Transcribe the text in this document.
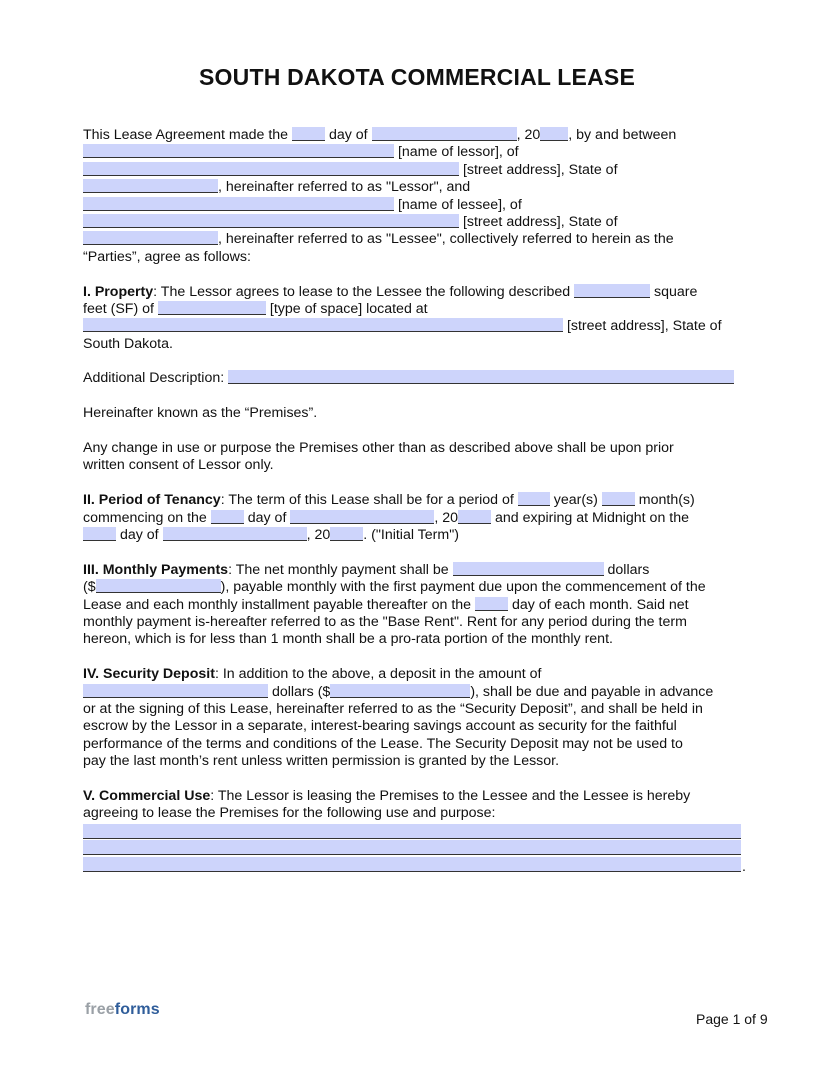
SOUTH DAKOTA COMMERCIAL LEASE
This Lease Agreement made the	day of	, 20 , by and between
[name of lessor], of
[street address], State of
, hereinafter referred to as "Lessor", and
[name of lessee], of
[street address], State of
, hereinafter referred to as "Lessee", collectively referred to herein as the
“Parties”, agree as follows:
I. Property: The Lessor agrees to lease to the Lessee the following described	square
feet (SF) of	[type of space] located at
[street address], State of
South Dakota.
Additional Description:
Hereinafter known as the “Premises”.
Any change in use or purpose the Premises other than as described above shall be upon prior
written consent of Lessor only.
II. Period of Tenancy: The term of this Lease shall be for a period of	year(s)	month(s)
commencing on the	day of	, 20	and expiring at Midnight on the
day of	, 20 . ("Initial Term")
III. Monthly Payments: The net monthly payment shall be	dollars
($	), payable monthly with the first payment due upon the commencement of the
Lease and each monthly installment payable thereafter on the	day of each month. Said net
monthly payment is-hereafter referred to as the "Base Rent". Rent for any period during the term
hereon, which is for less than 1 month shall be a pro-rata portion of the monthly rent.
IV. Security Deposit: In addition to the above, a deposit in the amount of
dollars ($	), shall be due and payable in advance
or at the signing of this Lease, hereinafter referred to as the “Security Deposit”, and shall be held in
escrow by the Lessor in a separate, interest-bearing savings account as security for the faithful
performance of the terms and conditions of the Lease. The Security Deposit may not be used to
pay the last month’s rent unless written permission is granted by the Lessor.
V. Commercial Use: The Lessor is leasing the Premises to the Lessee and the Lessee is hereby
agreeing to lease the Premises for the following use and purpose:
.
freeforms
Page 1 of 9
